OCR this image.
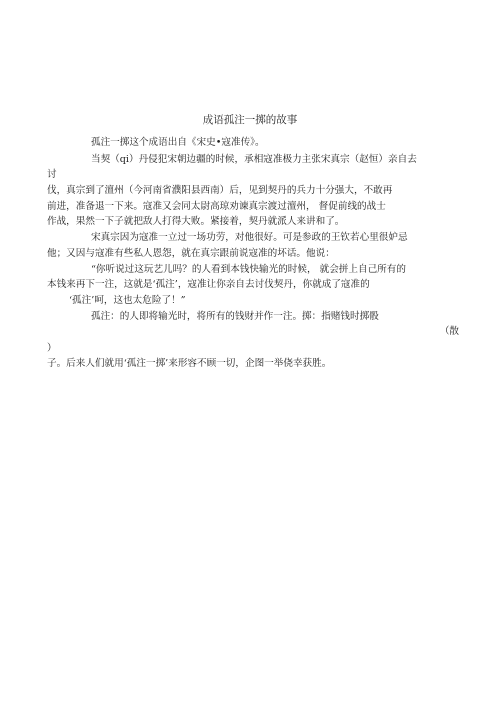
成语孤注一掷的故事
孤注一掷这个成语出自《宋史•寇准传》。
当契（qi）丹侵犯宋朝边疆的时候，承相寇准极力主张宋真宗（赵恒）亲自去
讨
伐，真宗到了澶州（今河南省濮阳县西南）后，见到契丹的兵力十分强大，不敢再
前进，准备退一下来。寇准又会同太尉高琼劝谏真宗渡过澶州， 督促前线的战士
作战，果然一下子就把敌人打得大败。紧接着，契丹就派人来讲和了。
宋真宗因为寇准一立过一场功劳，对他很好。可是参政的王钦若心里很妒忌
他；又因与寇准有些私人恩怨，就在真宗跟前说寇准的坏话。他说：
“你听说过这玩艺儿吗？的人看到本钱快输光的时候， 就会拼上自己所有的
本钱来再下一注，这就是‘孤注’，寇准让你亲自去讨伐契丹，你就成了寇准的
‘孤注’呵，这也太危险了！”
孤注：的人即将输光时，将所有的钱财并作一注。掷：指赌钱时掷骰
（散
）
子。后来人们就用‘孤注一掷’来形容不顾一切，企图一举侥幸获胜。
